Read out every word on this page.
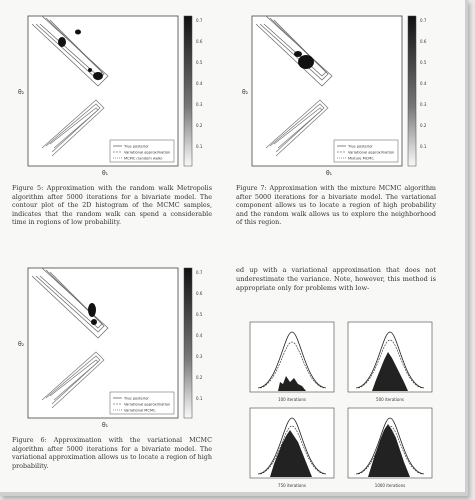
True posterior
Variational approximation
MCMC (random walk)
θ₂
θ₁
0.7
0.6
0.5
0.4
0.3
0.2
0.1
Figure 5: Approximation with the random walk Metropolis algorithm after 5000 iterations for a bivariate model. The contour plot of the 2D histogram of the MCMC samples, indicates that the random walk can spend a considerable time in regions of low probability.
True posterior
Variational approximation
Mixture MCMC
θ₂
θ₁
0.7
0.6
0.5
0.4
0.3
0.2
0.1
Figure 7: Approximation with the mixture MCMC algorithm after 5000 iterations for a bivariate model. The variational component allows us to locate a region of high probability and the random walk allows us to explore the neighborhood of this region.
True posterior
Variational approximation
Variational MCMC
θ₂
θ₁
0.7
0.6
0.5
0.4
0.3
0.2
0.1
Figure 6: Approximation with the variational MCMC algorithm after 5000 iterations for a bivariate model. The variational approximation allows us to locate a region of high probability.
ed up with a variational approximation that does not underestimate the variance. Note, however, this method is appropriate only for problems with low-
100 iterations	500 iterations
750 iterations	1000 iterations
